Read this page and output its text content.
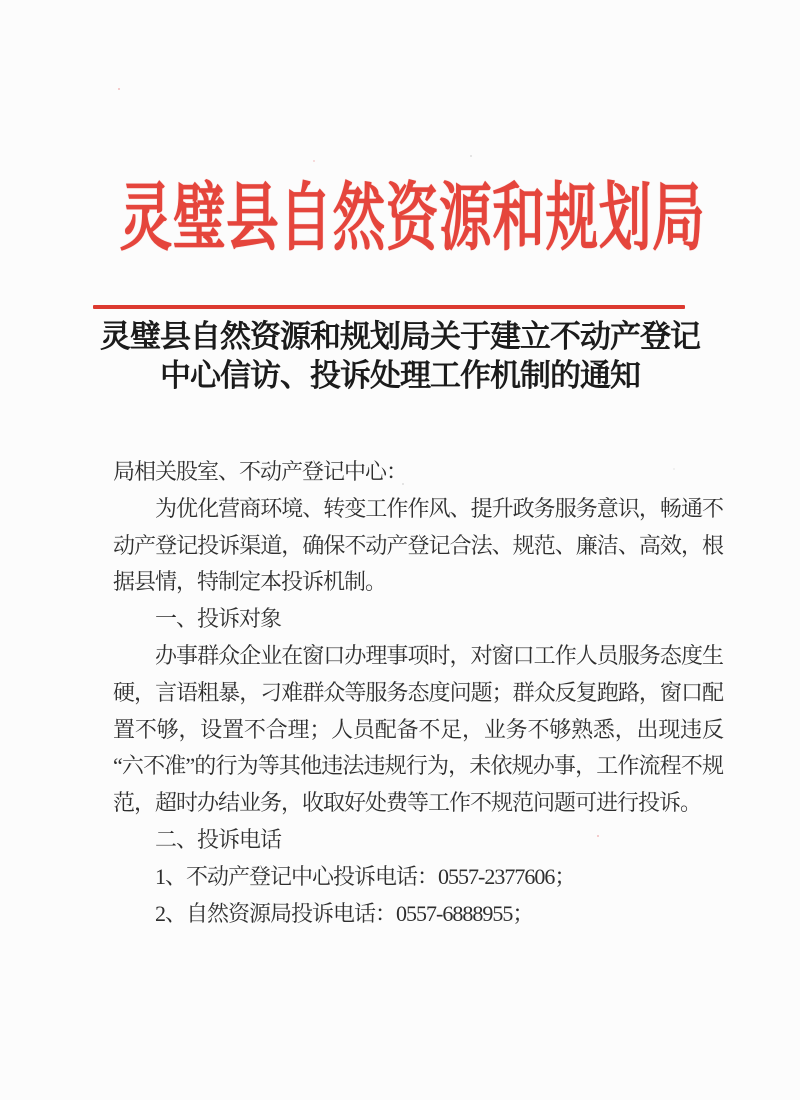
灵璧县自然资源和规划局
灵璧县自然资源和规划局关于建立不动产登记
中心信访、投诉处理工作机制的通知

局相关股室、不动产登记中心：

为优化营商环境、转变工作作风、提升政务服务意识，畅通不动产登记投诉渠道，确保不动产登记合法、规范、廉洁、高效，根据县情，特制定本投诉机制。

一、投诉对象

办事群众企业在窗口办理事项时，对窗口工作人员服务态度生硬，言语粗暴，刁难群众等服务态度问题；群众反复跑路，窗口配置不够，设置不合理；人员配备不足，业务不够熟悉，出现违反“六不准”的行为等其他违法违规行为，未依规办事，工作流程不规范，超时办结业务，收取好处费等工作不规范问题可进行投诉。

二、投诉电话

1、不动产登记中心投诉电话：0557-2377606；

2、自然资源局投诉电话：0557-6888955；
